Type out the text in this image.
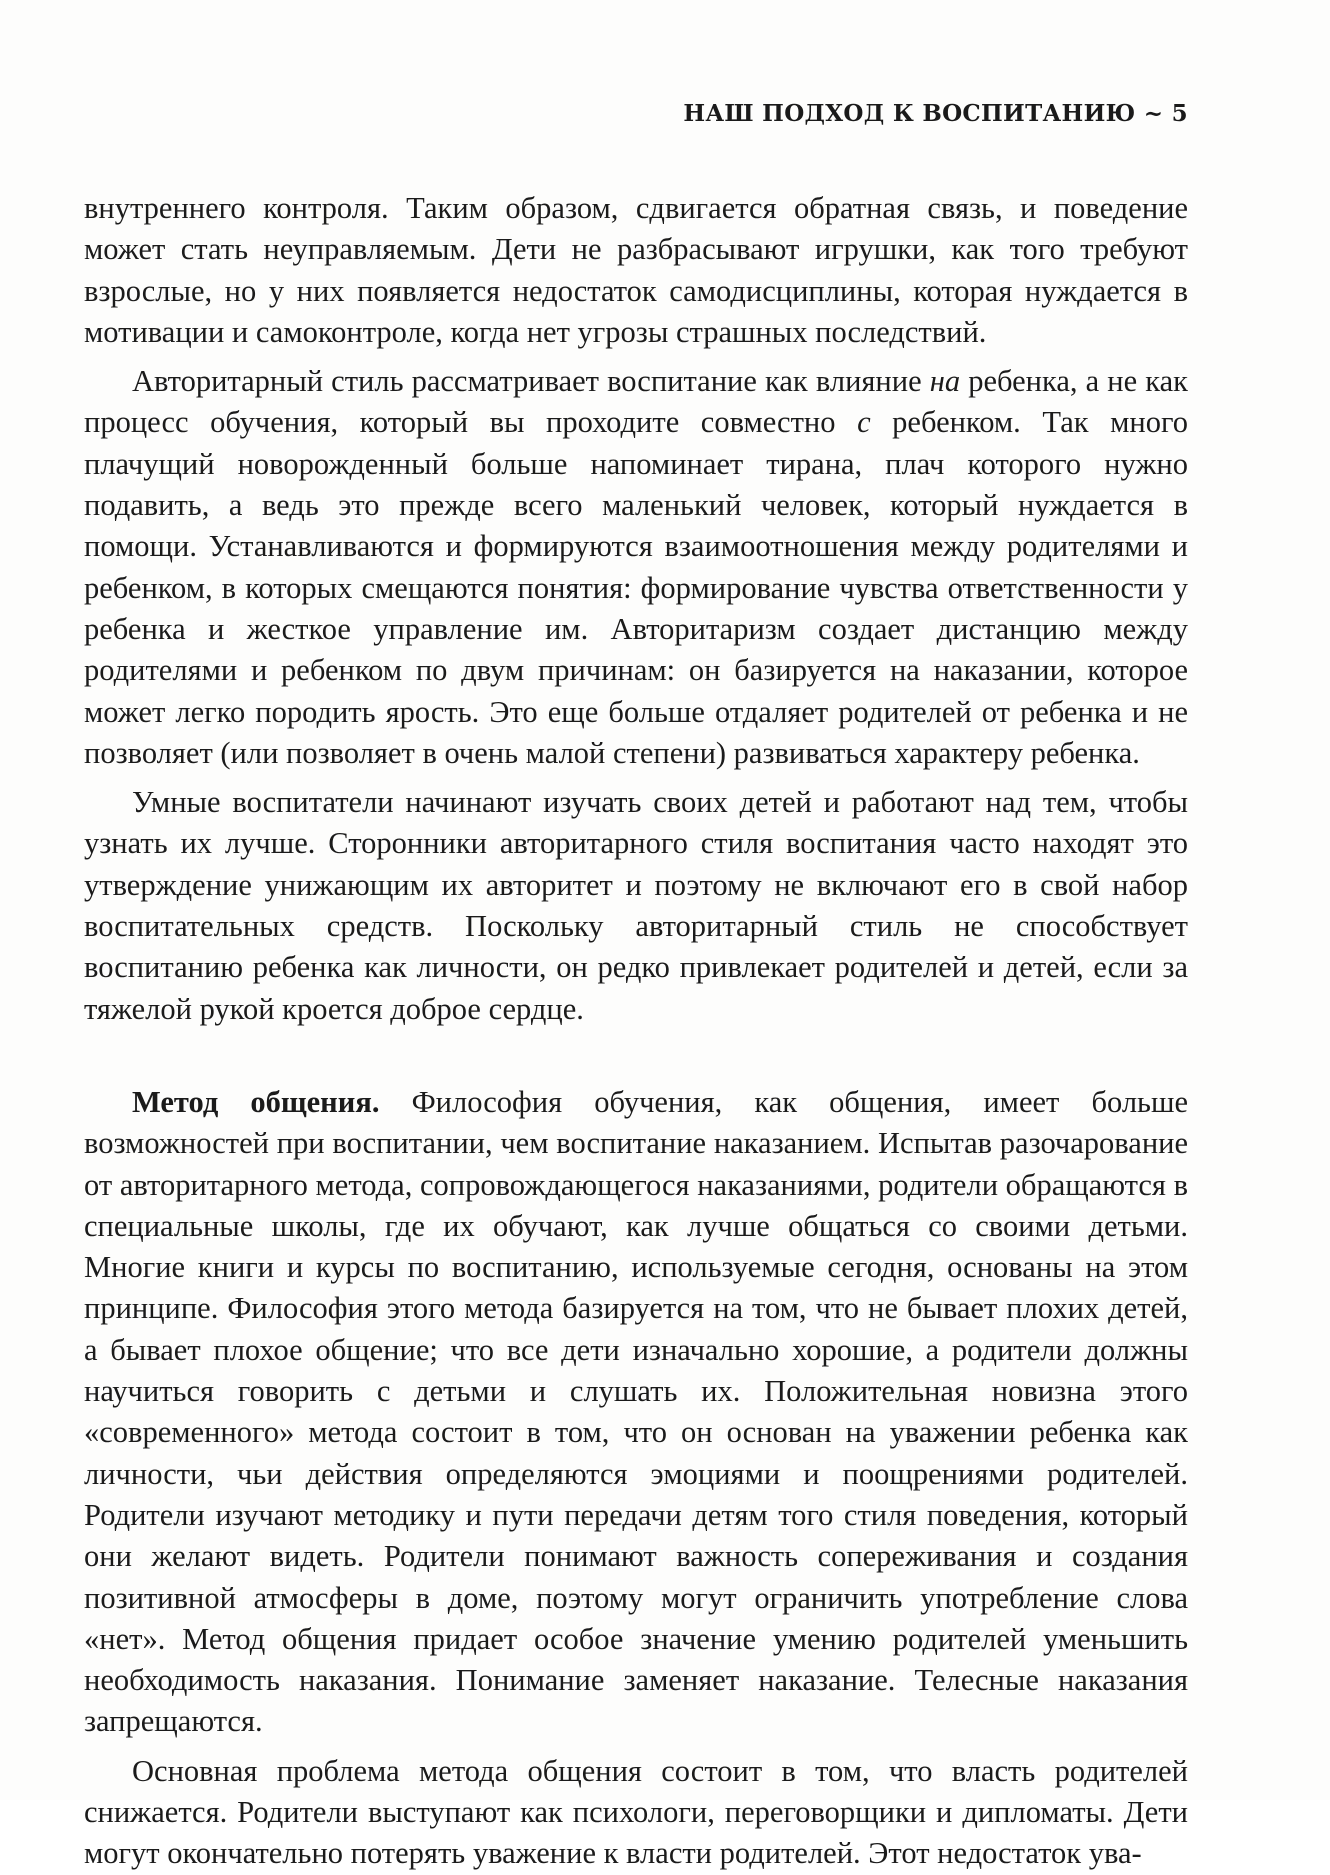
НАШ ПОДХОД К ВОСПИТАНИЮ ~ 5

внутреннего контроля. Таким образом, сдвигается обратная связь, и поведение может стать неуправляемым. Дети не разбрасывают игрушки, как того требуют взрослые, но у них появляется недостаток самодисциплины, которая нуждается в мотивации и самоконтроле, когда нет угрозы страшных последствий.

Авторитарный стиль рассматривает воспитание как влияние на ребенка, а не как процесс обучения, который вы проходите совместно с ребенком. Так много плачущий новорожденный больше напоминает тирана, плач которого нужно подавить, а ведь это прежде всего маленький человек, который нуждается в помощи. Устанавливаются и формируются взаимоотношения между родителями и ребенком, в которых смещаются понятия: формирование чувства ответственности у ребенка и жесткое управление им. Авторитаризм создает дистанцию между родителями и ребенком по двум причинам: он базируется на наказании, которое может легко породить ярость. Это еще больше отдаляет родителей от ребенка и не позволяет (или позволяет в очень малой степени) развиваться характеру ребенка.

Умные воспитатели начинают изучать своих детей и работают над тем, чтобы узнать их лучше. Сторонники авторитарного стиля воспитания часто находят это утверждение унижающим их авторитет и поэтому не включают его в свой набор воспитательных средств. Поскольку авторитарный стиль не способствует воспитанию ребенка как личности, он редко привлекает родителей и детей, если за тяжелой рукой кроется доброе сердце.

Метод общения. Философия обучения, как общения, имеет больше возможностей при воспитании, чем воспитание наказанием. Испытав разочарование от авторитарного метода, сопровождающегося наказаниями, родители обращаются в специальные школы, где их обучают, как лучше общаться со своими детьми. Многие книги и курсы по воспитанию, используемые сегодня, основаны на этом принципе. Философия этого метода базируется на том, что не бывает плохих детей, а бывает плохое общение; что все дети изначально хорошие, а родители должны научиться говорить с детьми и слушать их. Положительная новизна этого «современного» метода состоит в том, что он основан на уважении ребенка как личности, чьи действия определяются эмоциями и поощрениями родителей. Родители изучают методику и пути передачи детям того стиля поведения, который они желают видеть. Родители понимают важность сопереживания и создания позитивной атмосферы в доме, поэтому могут ограничить употребление слова «нет». Метод общения придает особое значение умению родителей уменьшить необходимость наказания. Понимание заменяет наказание. Телесные наказания запрещаются.

Основная проблема метода общения состоит в том, что власть родителей снижается. Родители выступают как психологи, переговорщики и дипломаты. Дети могут окончательно потерять уважение к власти родителей. Этот недостаток ува-
